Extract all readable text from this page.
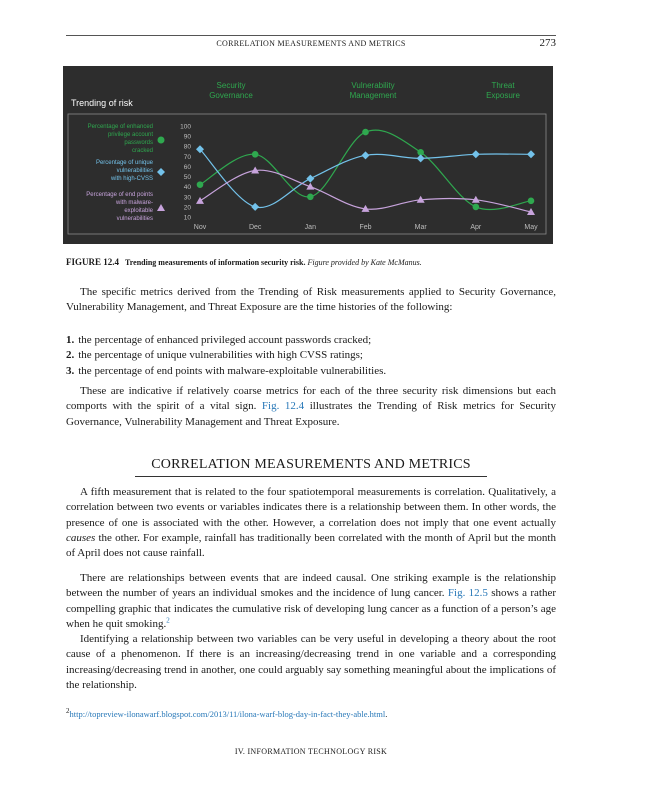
CORRELATION MEASUREMENTS AND METRICS	273
Trending of risk
Security
Governance
Vulnerability
Management
Threat
Exposure
Percentage of enhanced
privilege account
passwords
cracked
Percentage of unique
vulnerabilities
with high-CVSS
Percentage of end points
with malware-
exploitable
vulnerabilities
100
90
80
70
60
50
40
30
20
10
Nov	Dec	Jan	Feb	Mar	Apr	May
FIGURE 12.4 Trending measurements of information security risk. Figure provided by Kate McManus.
The specific metrics derived from the Trending of Risk measurements applied to Security Governance, Vulnerability Management, and Threat Exposure are the time histories of the following:
1. the percentage of enhanced privileged account passwords cracked;
2. the percentage of unique vulnerabilities with high CVSS ratings;
3. the percentage of end points with malware-exploitable vulnerabilities.
These are indicative if relatively coarse metrics for each of the three security risk dimensions but each comports with the spirit of a vital sign. Fig. 12.4 illustrates the Trending of Risk metrics for Security Governance, Vulnerability Management and Threat Exposure.
CORRELATION MEASUREMENTS AND METRICS
A fifth measurement that is related to the four spatiotemporal measurements is correlation. Qualitatively, a correlation between two events or variables indicates there is a relationship between them. In other words, the presence of one is associated with the other. However, a correlation does not imply that one event actually causes the other. For example, rainfall has traditionally been correlated with the month of April but the month of April does not cause rainfall.
There are relationships between events that are indeed causal. One striking example is the relationship between the number of years an individual smokes and the incidence of lung cancer. Fig. 12.5 shows a rather compelling graphic that indicates the cumulative risk of developing lung cancer as a function of a person’s age when he quit smoking.$^2$
Identifying a relationship between two variables can be very useful in developing a theory about the root cause of a phenomenon. If there is an increasing/decreasing trend in one variable and a corresponding increasing/decreasing trend in another, one could arguably say something meaningful about the implications of the relationship.
$^2$http://topreview-ilonawarf.blogspot.com/2013/11/ilona-warf-blog-day-in-fact-they-able.html.
IV. INFORMATION TECHNOLOGY RISK
